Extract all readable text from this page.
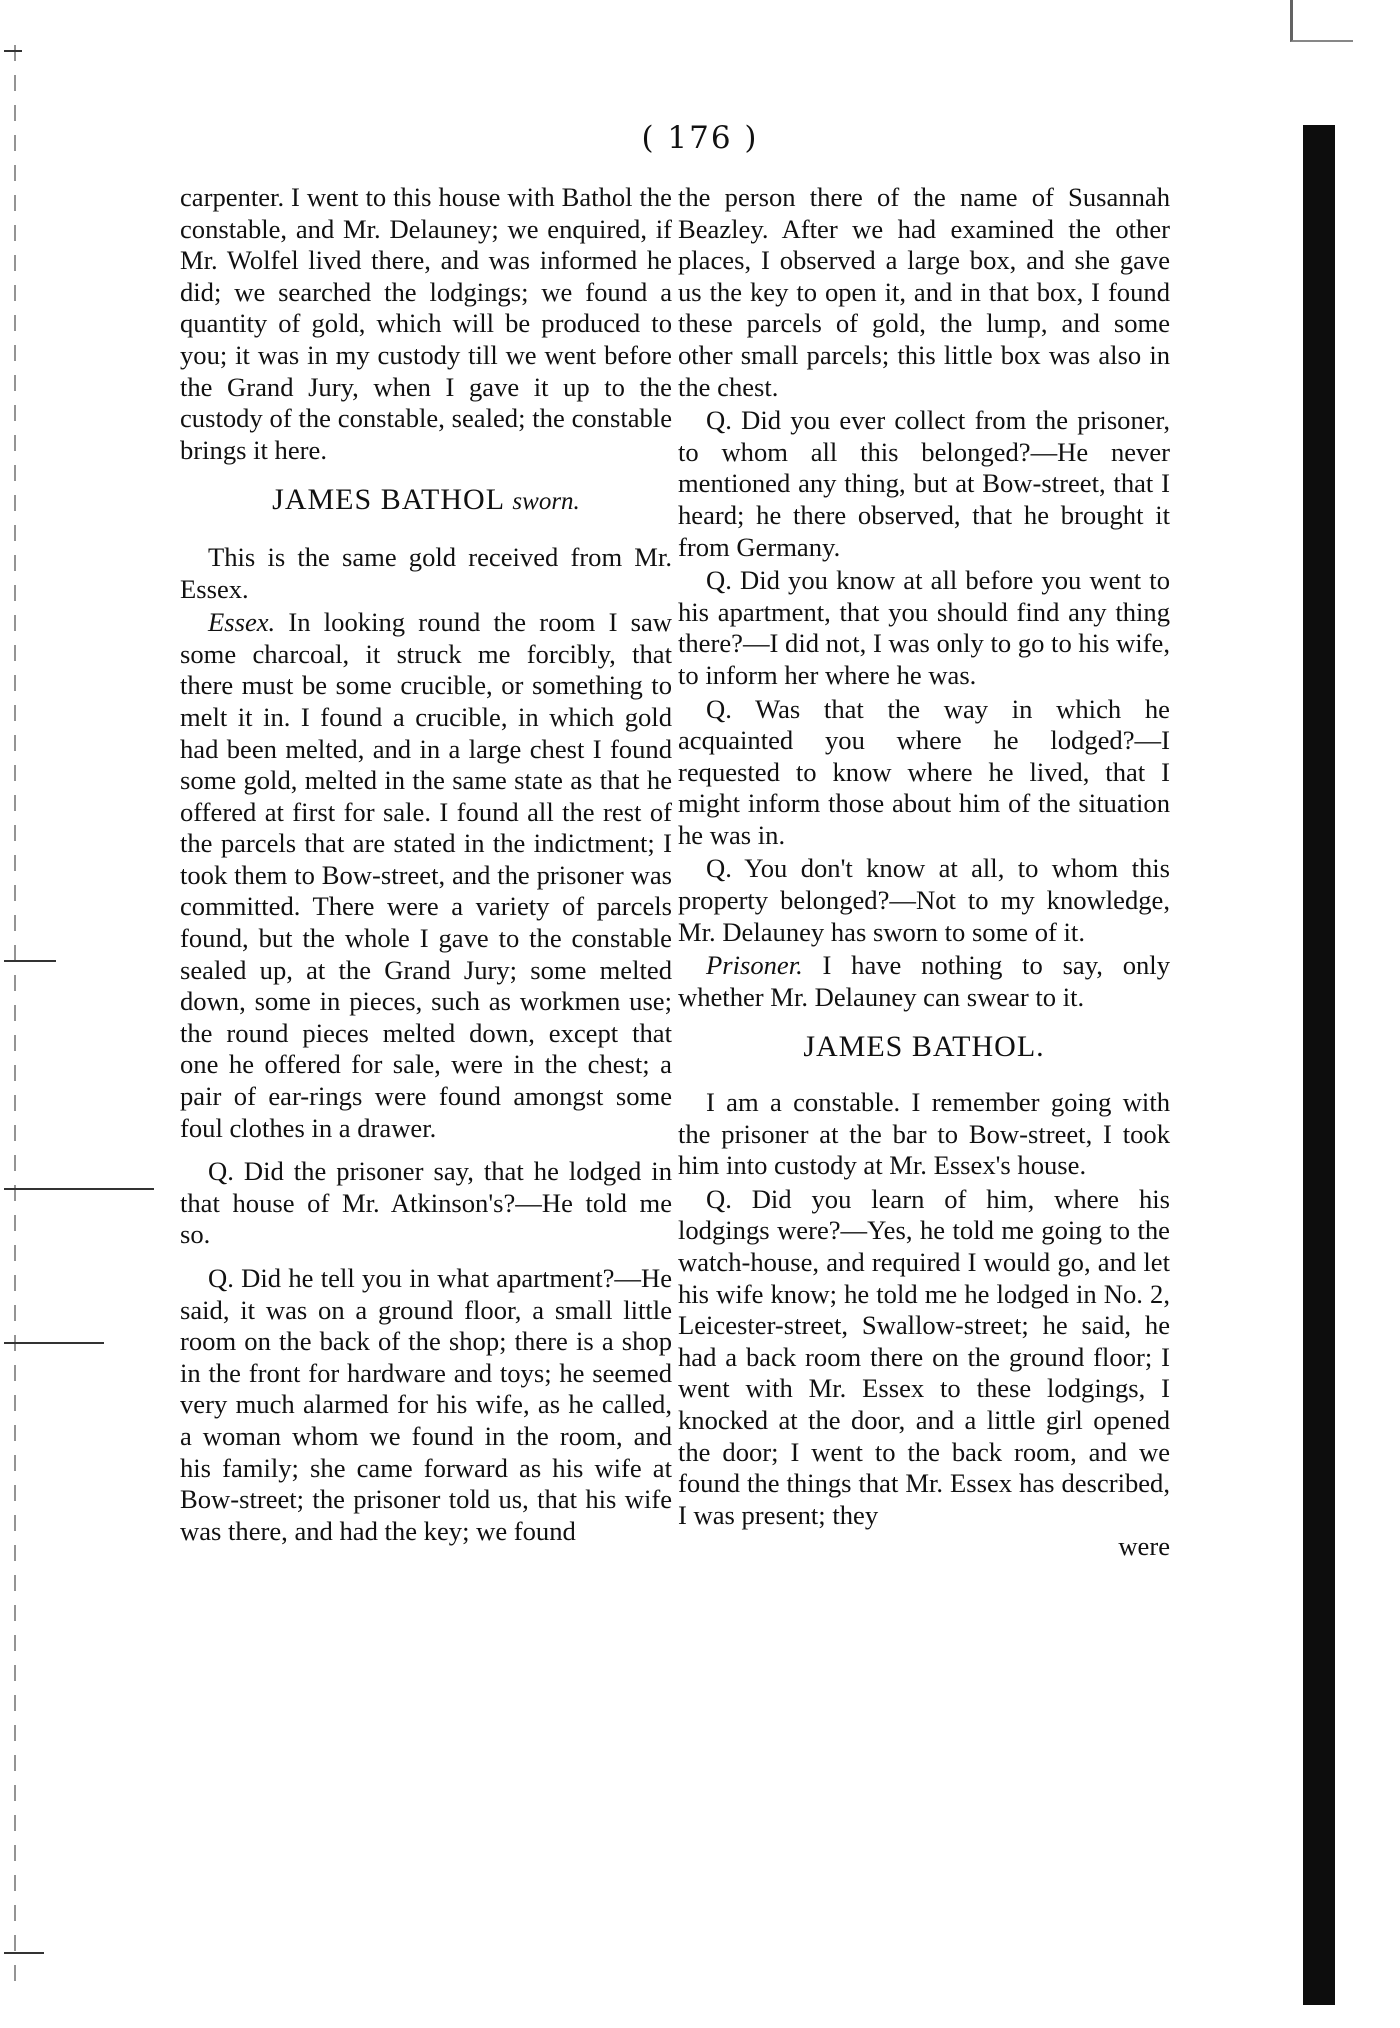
( 176 )

carpenter. I went to this house with Bathol the constable, and Mr. Delauney; we enquired, if Mr. Wolfel lived there, and was informed he did; we searched the lodgings; we found a quantity of gold, which will be produced to you; it was in my custody till we went before the Grand Jury, when I gave it up to the custody of the constable, sealed; the constable brings it here.

JAMES BATHOL sworn.

This is the same gold received from Mr. Essex.

Essex. In looking round the room I saw some charcoal, it struck me forcibly, that there must be some crucible, or something to melt it in. I found a crucible, in which gold had been melted, and in a large chest I found some gold, melted in the same state as that he offered at first for sale. I found all the rest of the parcels that are stated in the indictment; I took them to Bow-street, and the prisoner was committed. There were a variety of parcels found, but the whole I gave to the constable sealed up, at the Grand Jury; some melted down, some in pieces, such as workmen use; the round pieces melted down, except that one he offered for sale, were in the chest; a pair of ear-rings were found amongst some foul clothes in a drawer.

Q. Did the prisoner say, that he lodged in that house of Mr. Atkinson's?—He told me so.

Q. Did he tell you in what apartment?—He said, it was on a ground floor, a small little room on the back of the shop; there is a shop in the front for hardware and toys; he seemed very much alarmed for his wife, as he called, a woman whom we found in the room, and his family; she came forward as his wife at Bow-street; the prisoner told us, that his wife was there, and had the key; we found

the person there of the name of Susannah Beazley. After we had examined the other places, I observed a large box, and she gave us the key to open it, and in that box, I found these parcels of gold, the lump, and some other small parcels; this little box was also in the chest.

Q. Did you ever collect from the prisoner, to whom all this belonged?—He never mentioned any thing, but at Bow-street, that I heard; he there observed, that he brought it from Germany.

Q. Did you know at all before you went to his apartment, that you should find any thing there?—I did not, I was only to go to his wife, to inform her where he was.

Q. Was that the way in which he acquainted you where he lodged?—I requested to know where he lived, that I might inform those about him of the situation he was in.

Q. You don't know at all, to whom this property belonged?—Not to my knowledge, Mr. Delauney has sworn to some of it.

Prisoner. I have nothing to say, only whether Mr. Delauney can swear to it.

JAMES BATHOL.

I am a constable. I remember going with the prisoner at the bar to Bow-street, I took him into custody at Mr. Essex's house.

Q. Did you learn of him, where his lodgings were?—Yes, he told me going to the watch-house, and required I would go, and let his wife know; he told me he lodged in No. 2, Leicester-street, Swallow-street; he said, he had a back room there on the ground floor; I went with Mr. Essex to these lodgings, I knocked at the door, and a little girl opened the door; I went to the back room, and we found the things that Mr. Essex has described, I was present; they

were
